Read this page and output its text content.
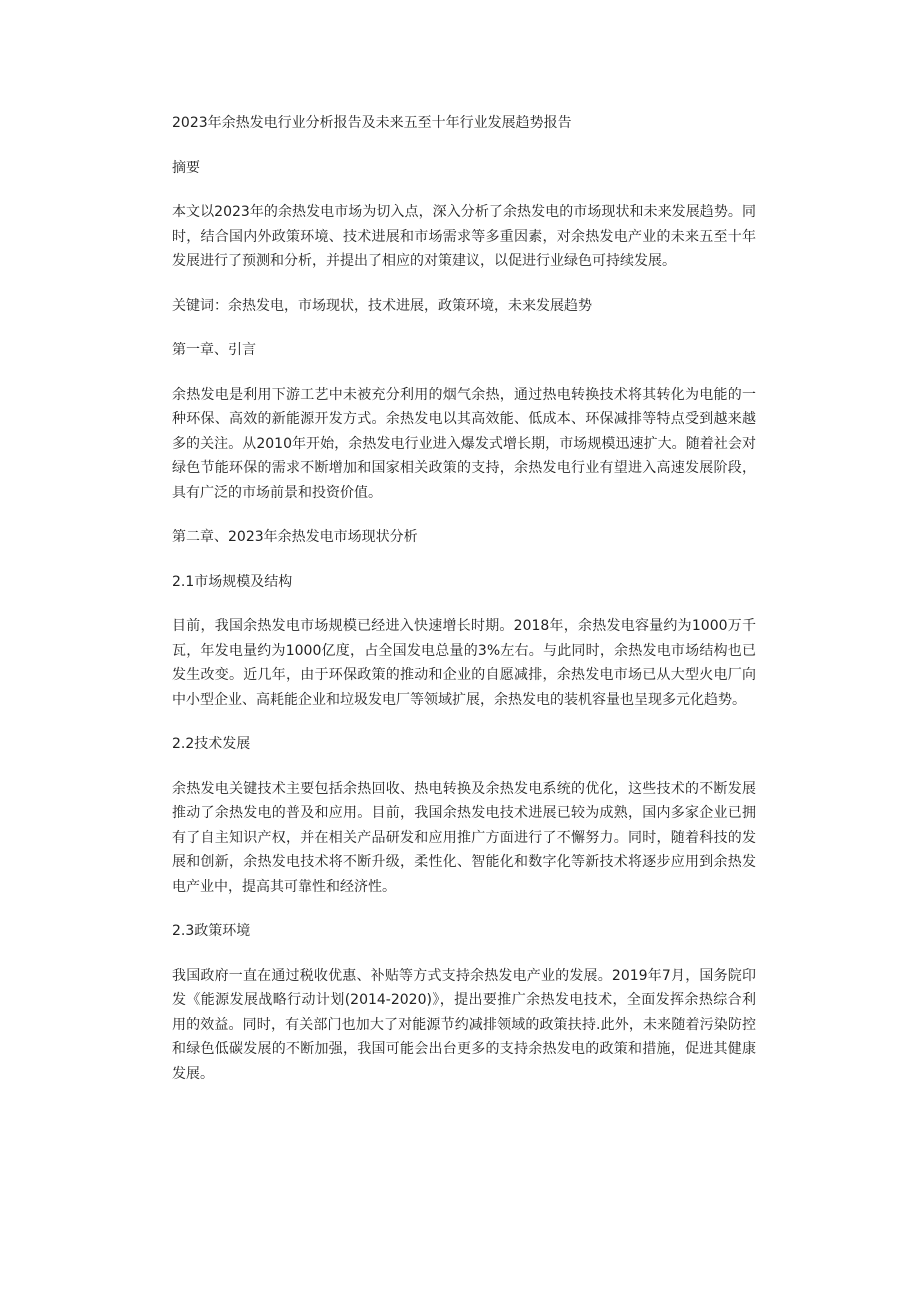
2023年余热发电行业分析报告及未来五至十年行业发展趋势报告

摘要

本文以2023年的余热发电市场为切入点，深入分析了余热发电的市场现状和未来发展趋势。同时，结合国内外政策环境、技术进展和市场需求等多重因素，对余热发电产业的未来五至十年发展进行了预测和分析，并提出了相应的对策建议，以促进行业绿色可持续发展。

关键词：余热发电，市场现状，技术进展，政策环境，未来发展趋势

第一章、引言

余热发电是利用下游工艺中未被充分利用的烟气余热，通过热电转换技术将其转化为电能的一种环保、高效的新能源开发方式。余热发电以其高效能、低成本、环保减排等特点受到越来越多的关注。从2010年开始，余热发电行业进入爆发式增长期，市场规模迅速扩大。随着社会对绿色节能环保的需求不断增加和国家相关政策的支持，余热发电行业有望进入高速发展阶段，具有广泛的市场前景和投资价值。

第二章、2023年余热发电市场现状分析

2.1市场规模及结构

目前，我国余热发电市场规模已经进入快速增长时期。2018年，余热发电容量约为1000万千瓦，年发电量约为1000亿度，占全国发电总量的3%左右。与此同时，余热发电市场结构也已发生改变。近几年，由于环保政策的推动和企业的自愿减排，余热发电市场已从大型火电厂向中小型企业、高耗能企业和垃圾发电厂等领域扩展，余热发电的装机容量也呈现多元化趋势。

2.2技术发展

余热发电关键技术主要包括余热回收、热电转换及余热发电系统的优化，这些技术的不断发展推动了余热发电的普及和应用。目前，我国余热发电技术进展已较为成熟，国内多家企业已拥有了自主知识产权，并在相关产品研发和应用推广方面进行了不懈努力。同时，随着科技的发展和创新，余热发电技术将不断升级，柔性化、智能化和数字化等新技术将逐步应用到余热发电产业中，提高其可靠性和经济性。

2.3政策环境

我国政府一直在通过税收优惠、补贴等方式支持余热发电产业的发展。2019年7月，国务院印发《能源发展战略行动计划(2014-2020)》，提出要推广余热发电技术，全面发挥余热综合利用的效益。同时，有关部门也加大了对能源节约减排领域的政策扶持.此外，未来随着污染防控和绿色低碳发展的不断加强，我国可能会出台更多的支持余热发电的政策和措施，促进其健康发展。
